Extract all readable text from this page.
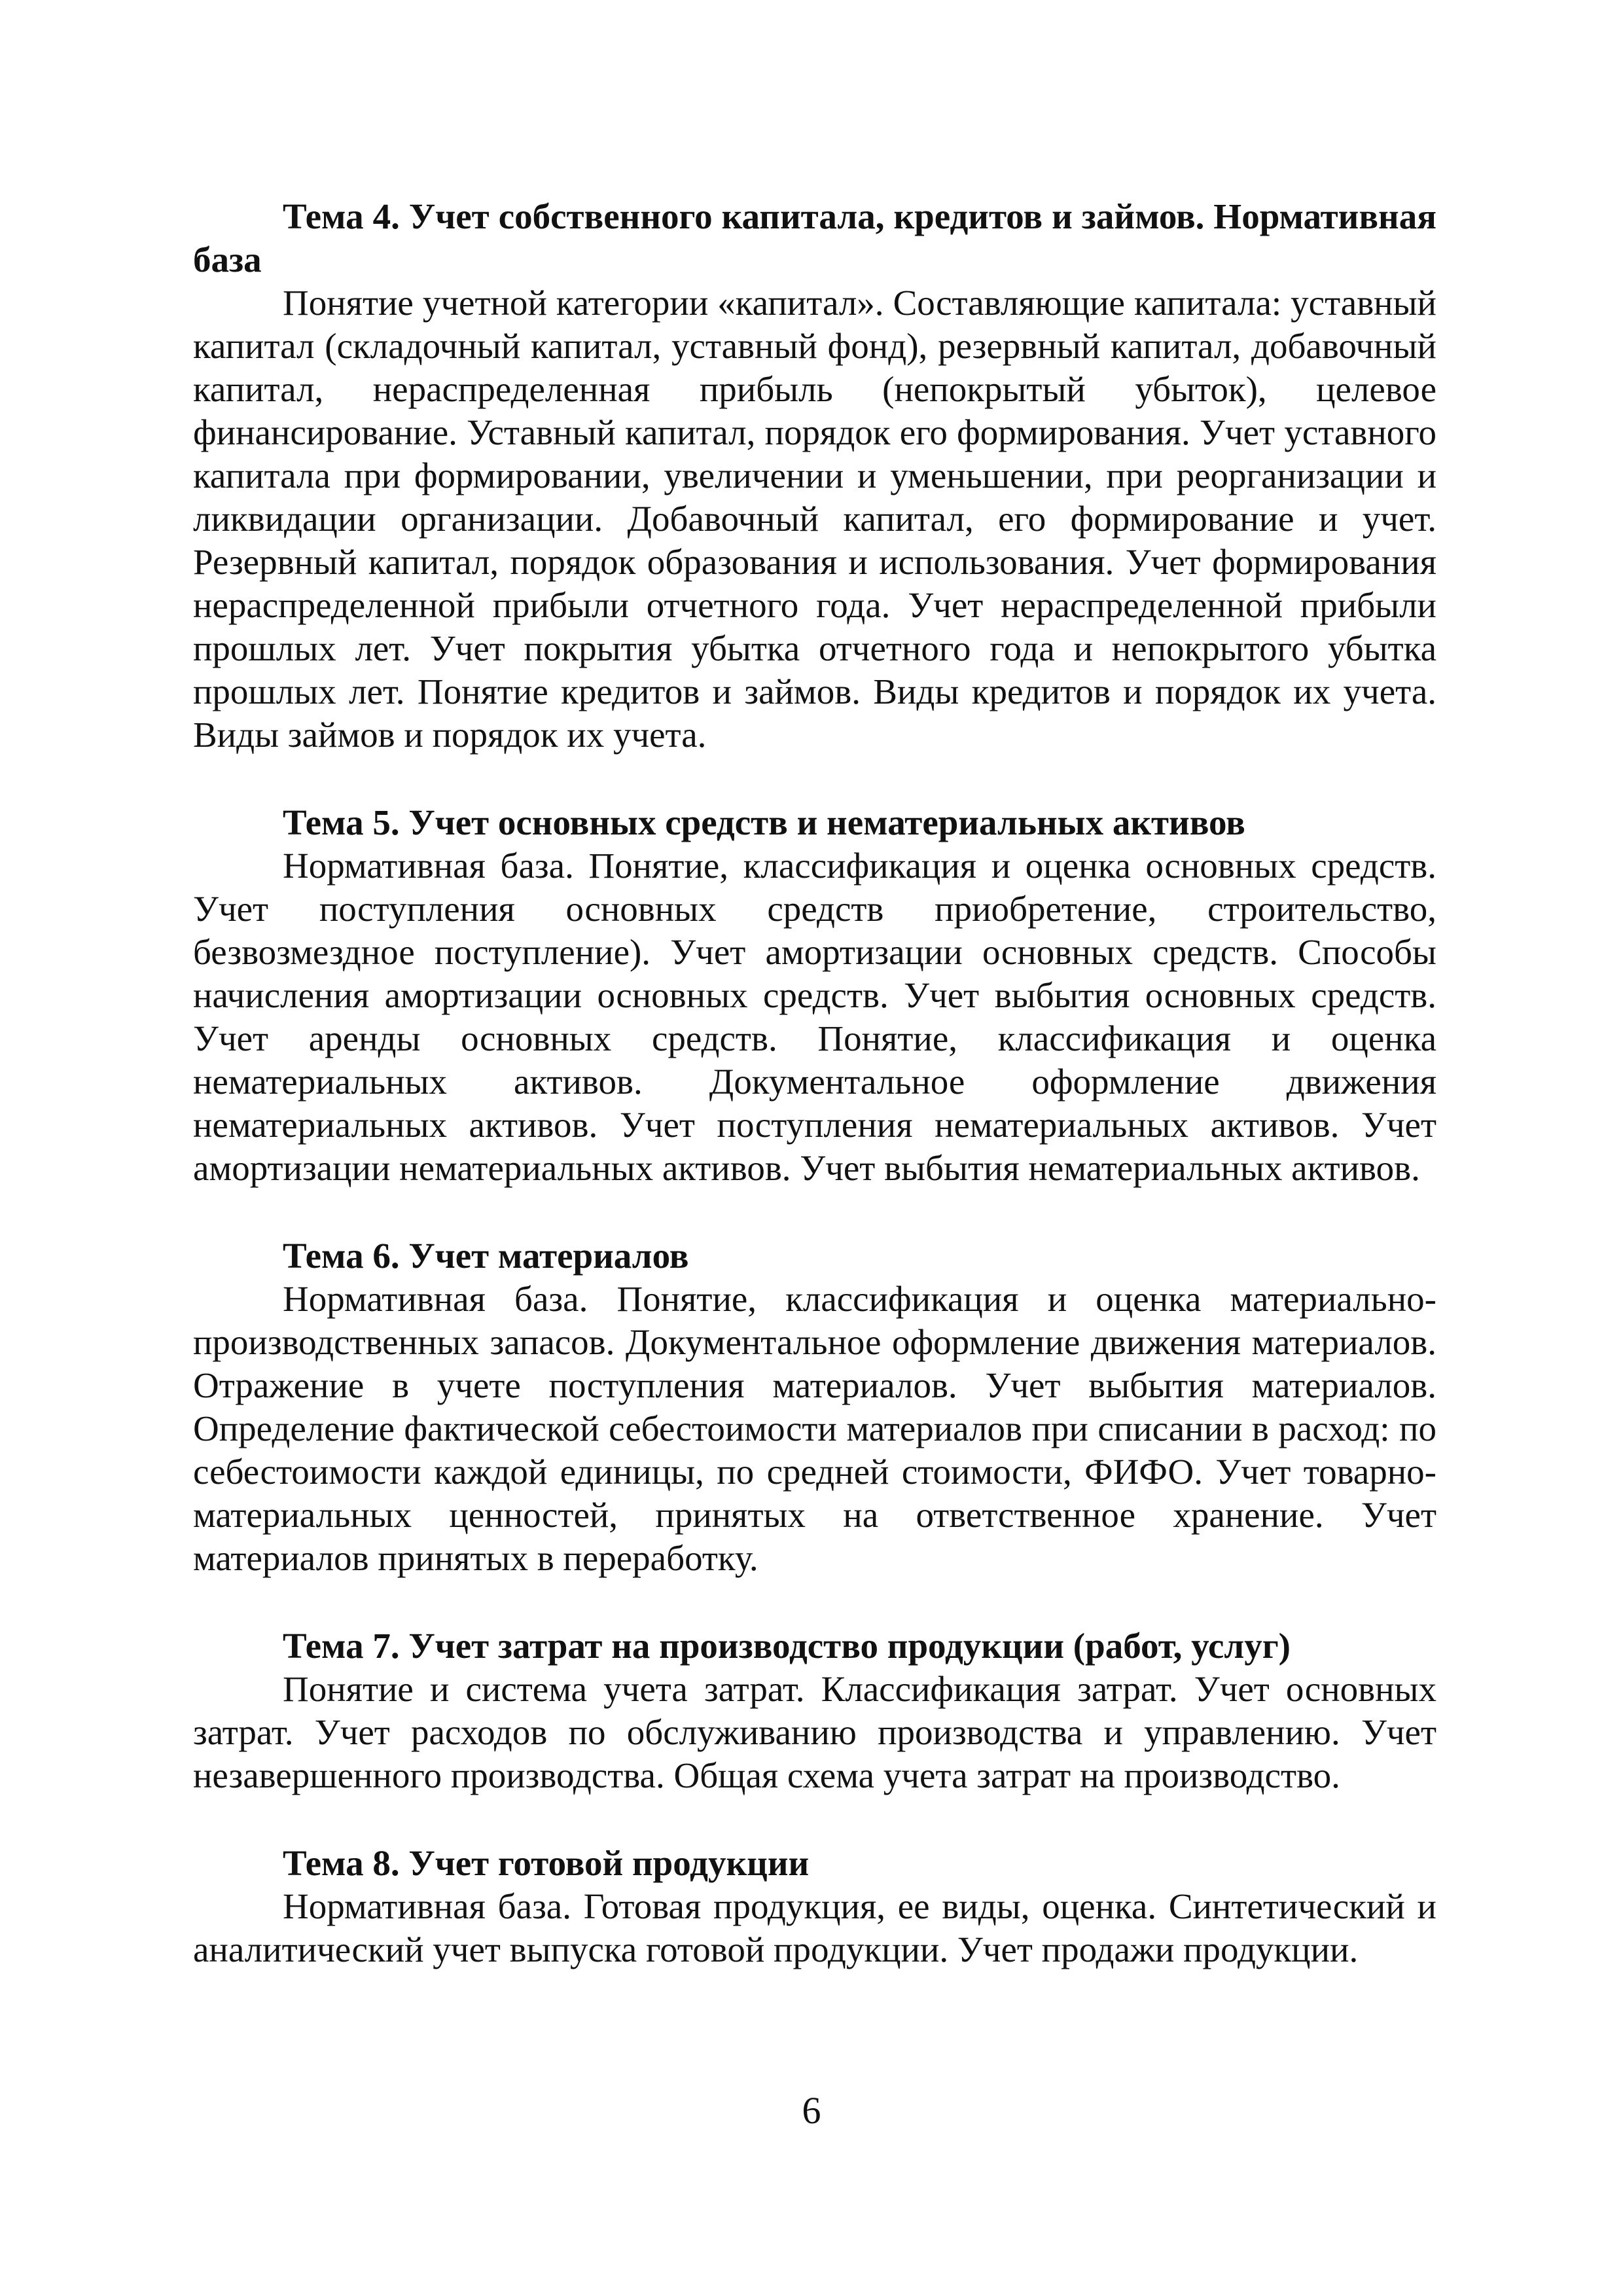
Тема 4. Учет собственного капитала, кредитов и займов. Нормативная база

Понятие учетной категории «капитал». Составляющие капитала: уставный капитал (складочный капитал, уставный фонд), резервный капитал, добавочный капитал, нераспределенная прибыль (непокрытый убыток), целевое финансирование. Уставный капитал, порядок его формирования. Учет уставного капитала при формировании, увеличении и уменьшении, при реорганизации и ликвидации организации. Добавочный капитал, его формирование и учет. Резервный капитал, порядок образования и использования. Учет формирования нераспределенной прибыли отчетного года. Учет нераспределенной прибыли прошлых лет. Учет покрытия убытка отчетного года и непокрытого убытка прошлых лет. Понятие кредитов и займов. Виды кредитов и порядок их учета. Виды займов и порядок их учета.

Тема 5. Учет основных средств и нематериальных активов

Нормативная база. Понятие, классификация и оценка основных средств. Учет поступления основных средств приобретение, строительство, безвозмездное поступление). Учет амортизации основных средств. Способы начисления амортизации основных средств. Учет выбытия основных средств. Учет аренды основных средств. Понятие, классификация и оценка нематериальных активов. Документальное оформление движения нематериальных активов. Учет поступления нематериальных активов. Учет амортизации нематериальных активов. Учет выбытия нематериальных активов.

Тема 6. Учет материалов

Нормативная база. Понятие, классификация и оценка материально-производственных запасов. Документальное оформление движения материалов. Отражение в учете поступления материалов. Учет выбытия материалов. Определение фактической себестоимости материалов при списании в расход: по себестоимости каждой единицы, по средней стоимости, ФИФО. Учет товарно-материальных ценностей, принятых на ответственное хранение. Учет материалов принятых в переработку.

Тема 7. Учет затрат на производство продукции (работ, услуг)

Понятие и система учета затрат. Классификация затрат. Учет основных затрат. Учет расходов по обслуживанию производства и управлению. Учет незавершенного производства. Общая схема учета затрат на производство.

Тема 8. Учет готовой продукции

Нормативная база. Готовая продукция, ее виды, оценка. Синтетический и аналитический учет выпуска готовой продукции. Учет продажи продукции.

6
